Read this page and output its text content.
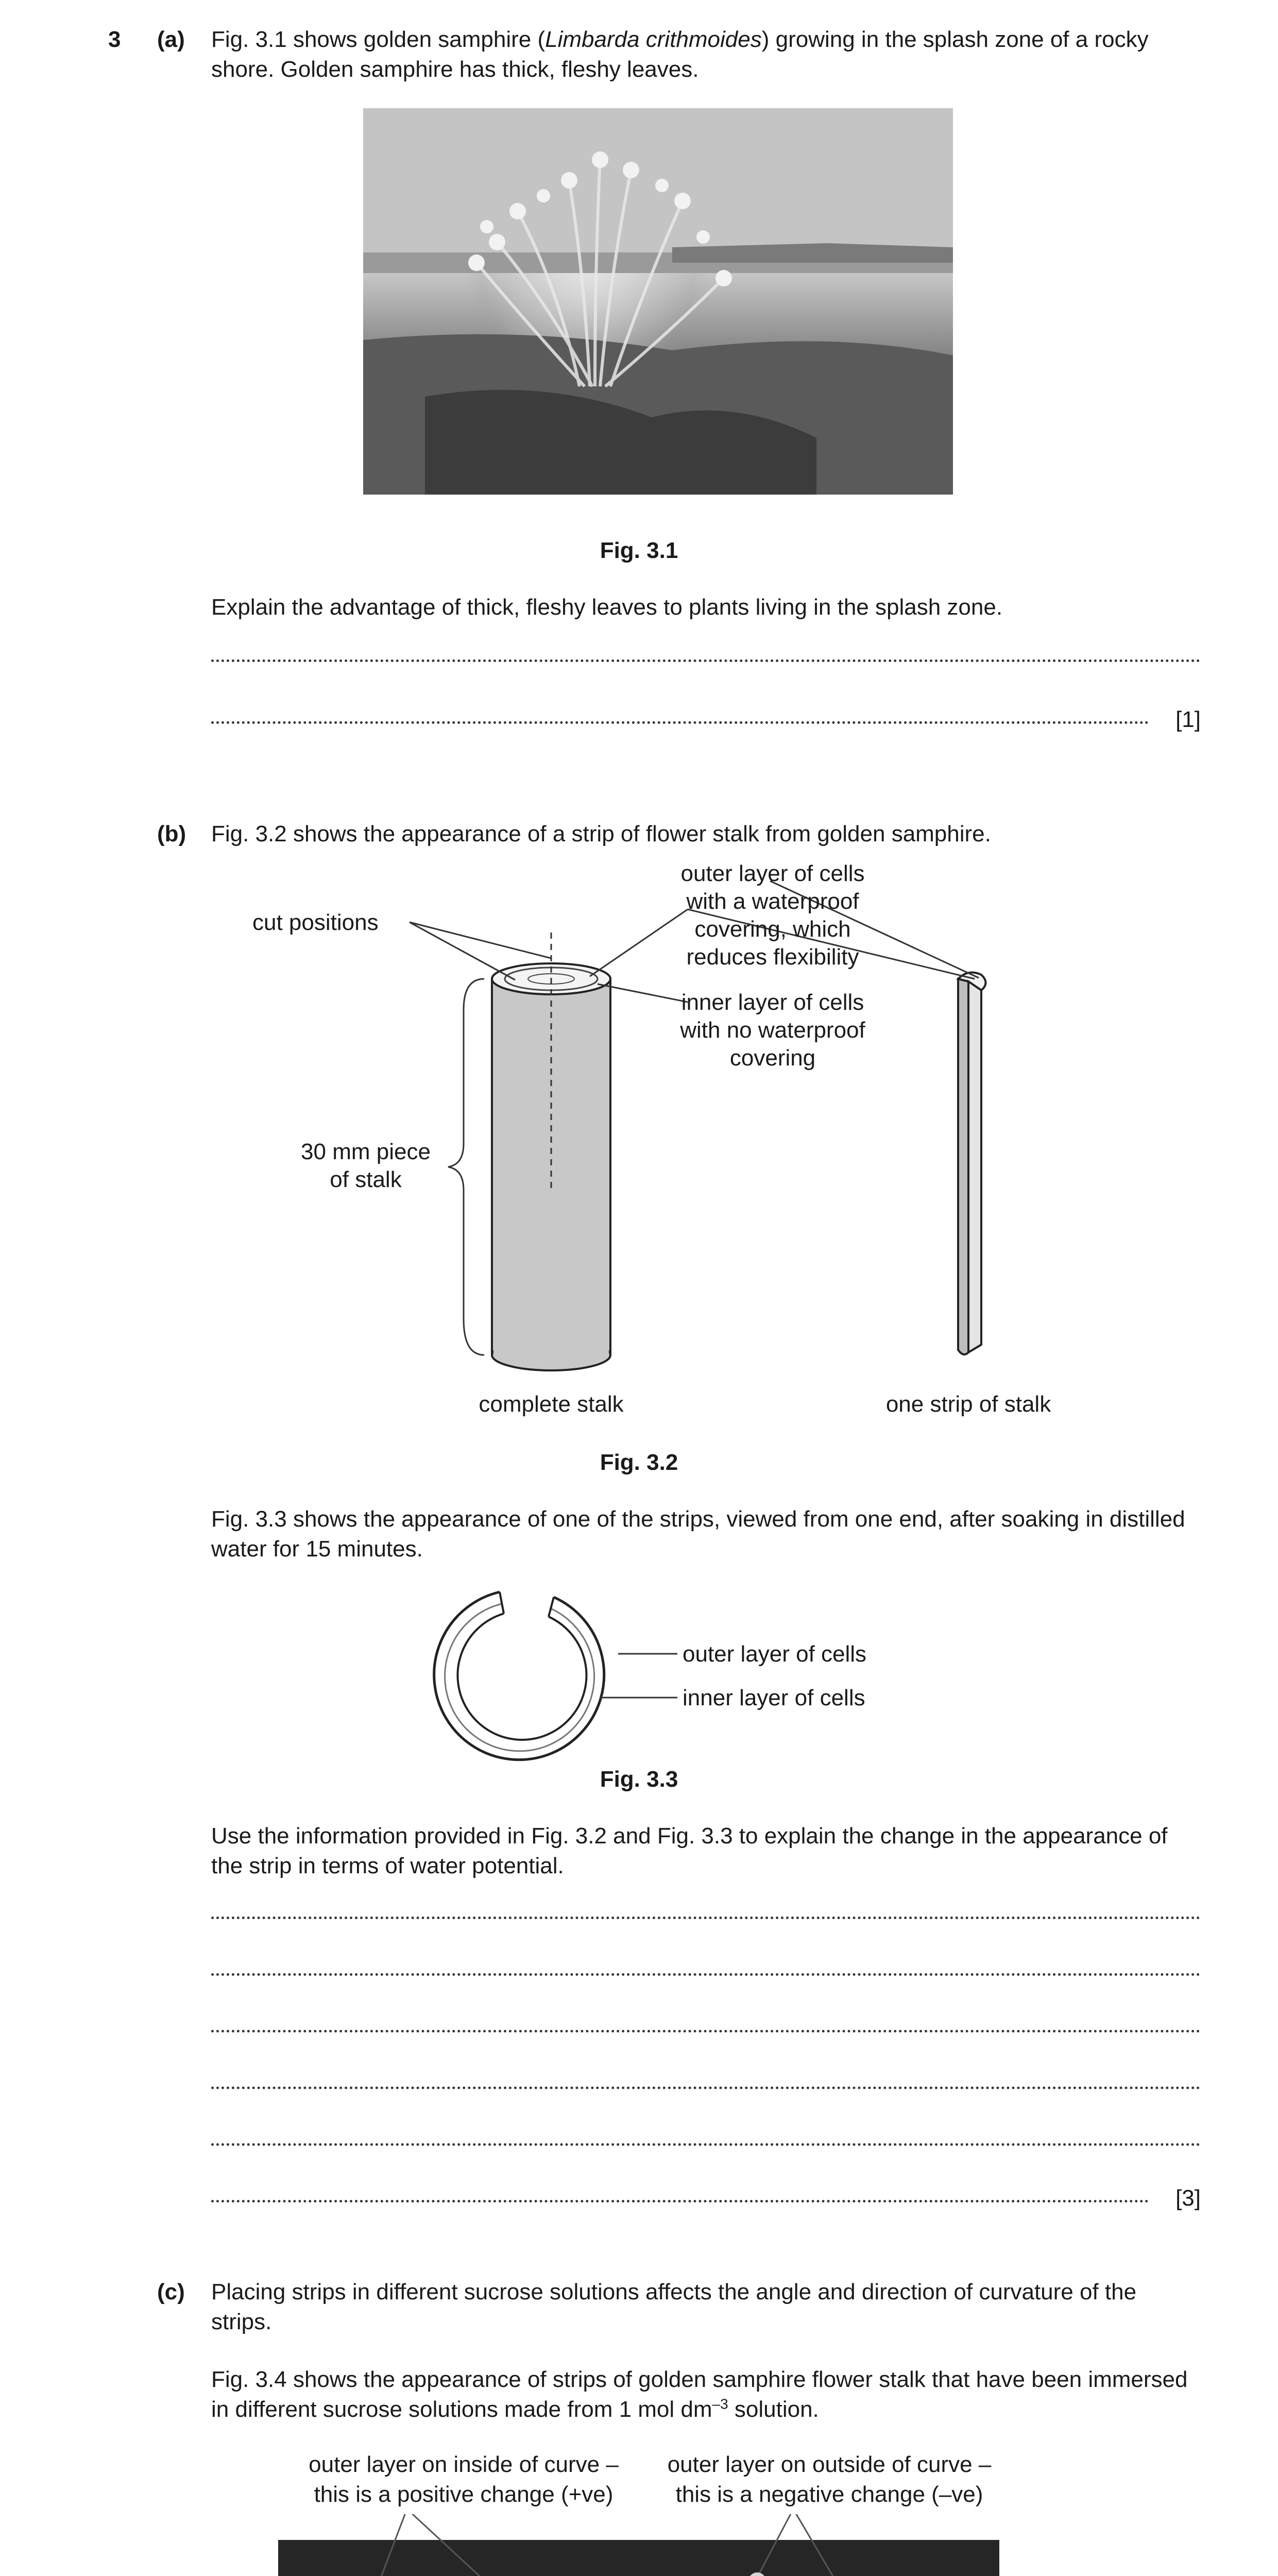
3 (a) Fig. 3.1 shows golden samphire (Limbarda crithmoides) growing in the splash zone of a rocky shore. Golden samphire has thick, fleshy leaves.
Fig. 3.1
Explain the advantage of thick, fleshy leaves to plants living in the splash zone.
[1]
(b) Fig. 3.2 shows the appearance of a strip of flower stalk from golden samphire.
cut positions
outer layer of cells
with a waterproof
covering, which
reduces flexibility
inner layer of cells
with no waterproof
covering
30 mm piece
of stalk
complete stalk	one strip of stalk
Fig. 3.2
Fig. 3.3 shows the appearance of one of the strips, viewed from one end, after soaking in distilled water for 15 minutes.
outer layer of cells
inner layer of cells
Fig. 3.3
Use the information provided in Fig. 3.2 and Fig. 3.3 to explain the change in the appearance of the strip in terms of water potential.
[3]
(c) Placing strips in different sucrose solutions affects the angle and direction of curvature of the strips.
Fig. 3.4 shows the appearance of strips of golden samphire flower stalk that have been immersed in different sucrose solutions made from 1 mol $dm^{-3}$ solution.
outer layer on inside of curve –
this is a positive change (+ve)
outer layer on outside of curve –
this is a negative change (–ve)
